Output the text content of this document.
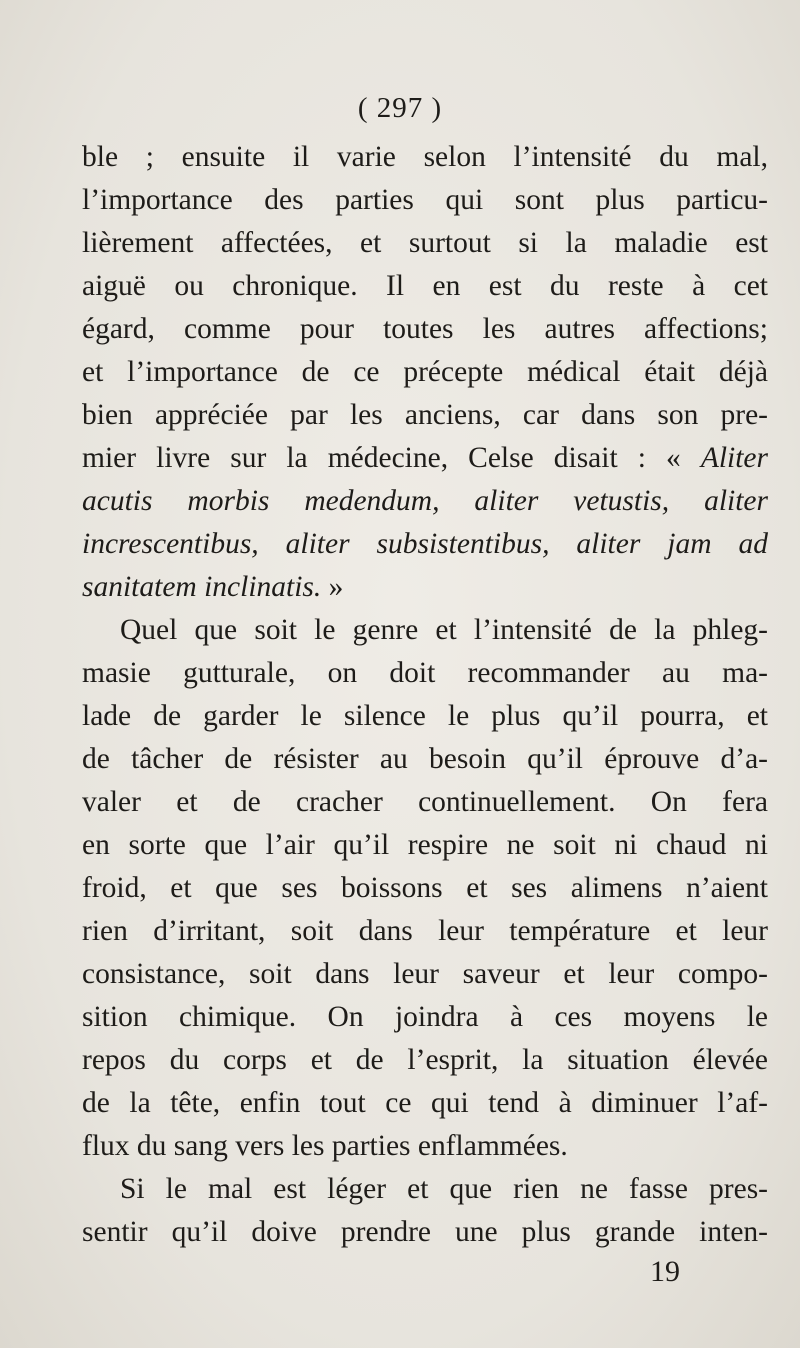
( 297 )
ble ; ensuite il varie selon l’intensité du mal,
l’importance des parties qui sont plus particu-
lièrement affectées, et surtout si la maladie est
aiguë ou chronique. Il en est du reste à cet
égard, comme pour toutes les autres affections;
et l’importance de ce précepte médical était déjà
bien appréciée par les anciens, car dans son pre-
mier livre sur la médecine, Celse disait : « Aliter
acutis morbis medendum, aliter vetustis, aliter
increscentibus, aliter subsistentibus, aliter jam ad
sanitatem inclinatis. »
Quel que soit le genre et l’intensité de la phleg-
masie gutturale, on doit recommander au ma-
lade de garder le silence le plus qu’il pourra, et
de tâcher de résister au besoin qu’il éprouve d’a-
valer et de cracher continuellement. On fera
en sorte que l’air qu’il respire ne soit ni chaud ni
froid, et que ses boissons et ses alimens n’aient
rien d’irritant, soit dans leur température et leur
consistance, soit dans leur saveur et leur compo-
sition chimique. On joindra à ces moyens le
repos du corps et de l’esprit, la situation élevée
de la tête, enfin tout ce qui tend à diminuer l’af-
flux du sang vers les parties enflammées.
Si le mal est léger et que rien ne fasse pres-
sentir qu’il doive prendre une plus grande inten-
19
